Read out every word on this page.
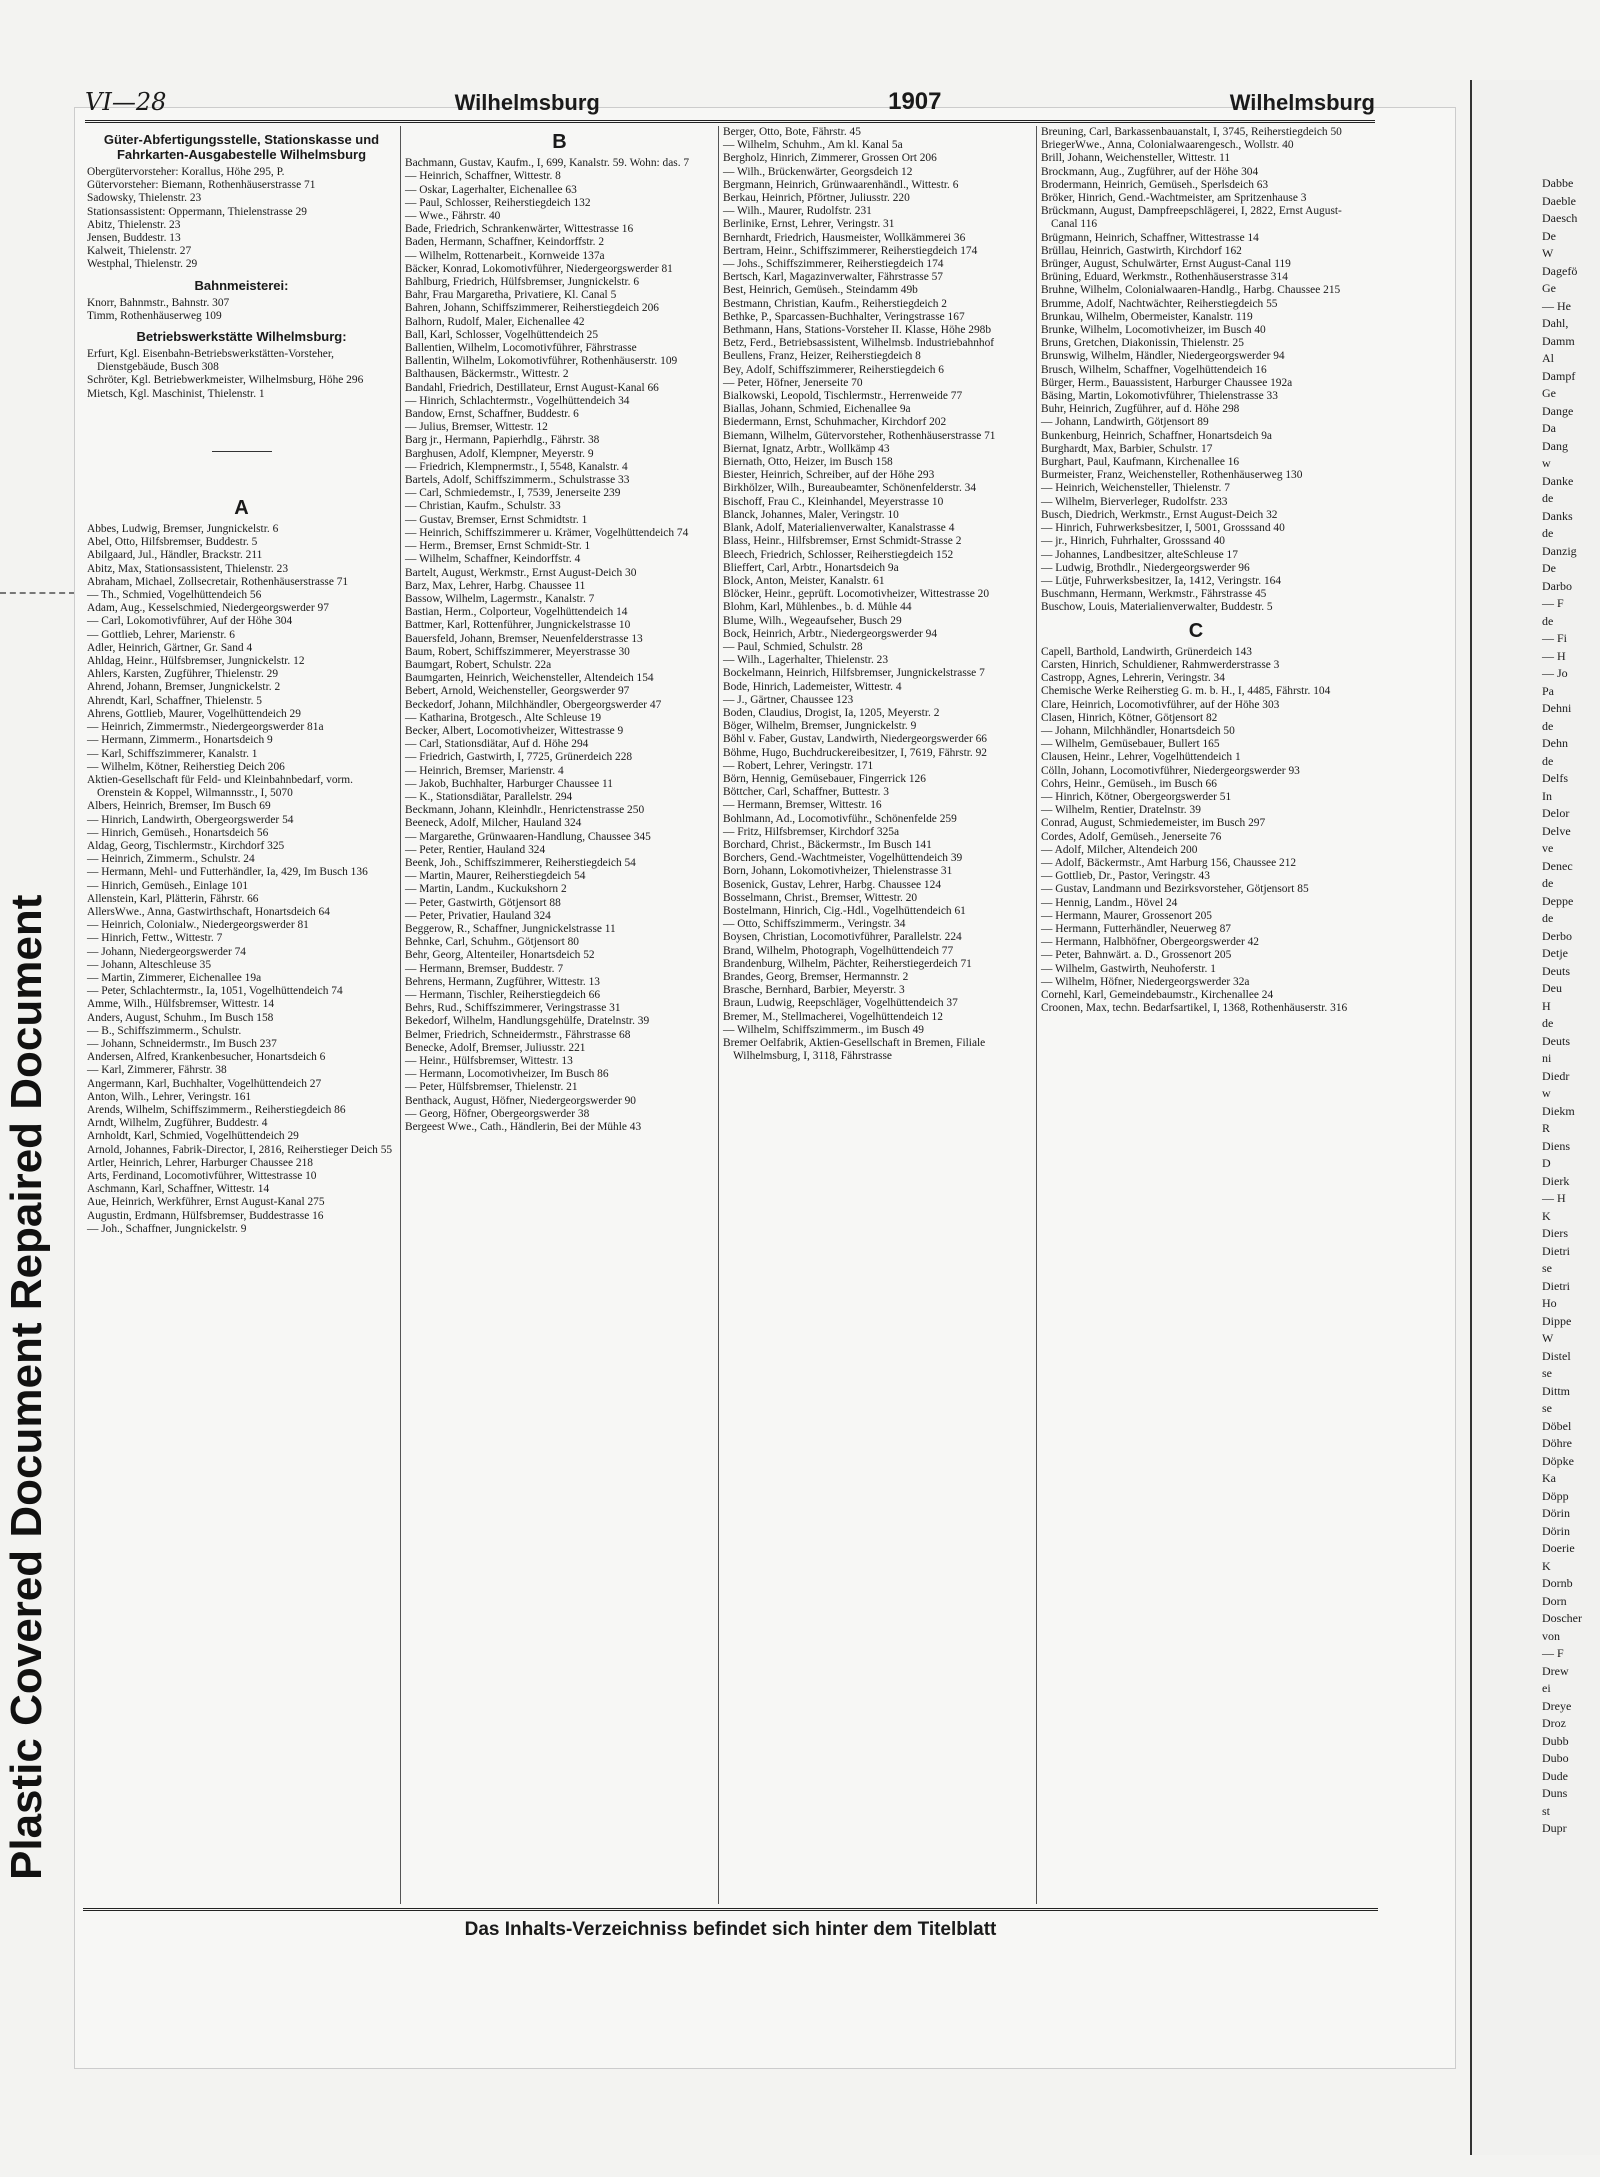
Plastic Covered Document Repaired Document
Dabbe
Daeble
Daesch
De
W
Dagefö
Ge
— He
Dahl,
Damm
Al
Dampf
Ge
Dange
Da
Dang
w
Danke
de
Danks
de
Danzig
De
Darbo
— F
de
— Fi
— H
— Jo
Pa
Dehni
de
Dehn
de
Delfs
In
Delor
Delve
ve
Denec
de
Deppe
de
Derbo
Detje
Deuts
Deu
H
de
Deuts
ni
Diedr
w
Diekm
R
Diens
D
Dierk
— H
K
Diers
Dietri
se
Dietri
Ho
Dippe
W
Distel
se
Dittm
se
Döbel
Döhre
Döpke
Ka
Döpp
Dörin
Dörin
Doerie
K
Dornb
Dorn
Doscher
von
— F
Drew
ei
Dreye
Droz
Dubb
Dubo
Dude
Duns
st
Dupr
VI—28	Wilhelmsburg	1907	Wilhelmsburg
Güter-Abfertigungsstelle, Stationskasse und Fahrkarten-Ausgabestelle Wilhelmsburg

Obergütervorsteher: Korallus, Höhe 295, P.

Gütervorsteher: Biemann, Rothenhäuserstrasse 71

Sadowsky, Thielenstr. 23

Stationsassistent: Oppermann, Thielenstrasse 29

Abitz, Thielenstr. 23

Jensen, Buddestr. 13

Kalweit, Thielenstr. 27

Westphal, Thielenstr. 29

Bahnmeisterei:

Knorr, Bahnmstr., Bahnstr. 307

Timm, Rothenhäuserweg 109

Betriebswerkstätte Wilhelmsburg:

Erfurt, Kgl. Eisenbahn-Betriebswerkstätten-Vorsteher, Dienstgebäude, Busch 308

Schröter, Kgl. Betriebwerkmeister, Wilhelmsburg, Höhe 296

Mietsch, Kgl. Maschinist, Thielenstr. 1

A

Abbes, Ludwig, Bremser, Jungnickelstr. 6

Abel, Otto, Hilfsbremser, Buddestr. 5

Abilgaard, Jul., Händler, Brackstr. 211

Abitz, Max, Stationsassistent, Thielenstr. 23

Abraham, Michael, Zollsecretair, Rothenhäuserstrasse 71

— Th., Schmied, Vogelhüttendeich 56

Adam, Aug., Kesselschmied, Niedergeorgswerder 97

— Carl, Lokomotivführer, Auf der Höhe 304

— Gottlieb, Lehrer, Marienstr. 6

Adler, Heinrich, Gärtner, Gr. Sand 4

Ahldag, Heinr., Hülfsbremser, Jungnickelstr. 12

Ahlers, Karsten, Zugführer, Thielenstr. 29

Ahrend, Johann, Bremser, Jungnickelstr. 2

Ahrendt, Karl, Schaffner, Thielenstr. 5

Ahrens, Gottlieb, Maurer, Vogelhüttendeich 29

— Heinrich, Zimmermstr., Niedergeorgswerder 81a

— Hermann, Zimmerm., Honartsdeich 9

— Karl, Schiffszimmerer, Kanalstr. 1

— Wilhelm, Kötner, Reiherstieg Deich 206

Aktien-Gesellschaft für Feld- und Kleinbahnbedarf, vorm. Orenstein & Koppel, Wilmannsstr., I, 5070

Albers, Heinrich, Bremser, Im Busch 69

— Hinrich, Landwirth, Obergeorgswerder 54

— Hinrich, Gemüseh., Honartsdeich 56

Aldag, Georg, Tischlermstr., Kirchdorf 325

— Heinrich, Zimmerm., Schulstr. 24

— Hermann, Mehl- und Futterhändler, Ia, 429, Im Busch 136

— Hinrich, Gemüseh., Einlage 101

Allenstein, Karl, Plätterin, Fährstr. 66

AllersWwe., Anna, Gastwirthschaft, Honartsdeich 64

— Heinrich, Colonialw., Niedergeorgswerder 81

— Hinrich, Fettw., Wittestr. 7

— Johann, Niedergeorgswerder 74

— Johann, Alteschleuse 35

— Martin, Zimmerer, Eichenallee 19a

— Peter, Schlachtermstr., Ia, 1051, Vogelhüttendeich 74

Amme, Wilh., Hülfsbremser, Wittestr. 14

Anders, August, Schuhm., Im Busch 158

— B., Schiffszimmerm., Schulstr.

— Johann, Schneidermstr., Im Busch 237

Andersen, Alfred, Krankenbesucher, Honartsdeich 6

— Karl, Zimmerer, Fährstr. 38

Angermann, Karl, Buchhalter, Vogelhüttendeich 27

Anton, Wilh., Lehrer, Veringstr. 161

Arends, Wilhelm, Schiffszimmerm., Reiherstiegdeich 86

Arndt, Wilhelm, Zugführer, Buddestr. 4

Arnholdt, Karl, Schmied, Vogelhüttendeich 29

Arnold, Johannes, Fabrik-Director, I, 2816, Reiherstieger Deich 55

Artler, Heinrich, Lehrer, Harburger Chaussee 218

Arts, Ferdinand, Locomotivführer, Wittestrasse 10

Aschmann, Karl, Schaffner, Wittestr. 14

Aue, Heinrich, Werkführer, Ernst August-Kanal 275

Augustin, Erdmann, Hülfsbremser, Buddestrasse 16

— Joh., Schaffner, Jungnickelstr. 9

B

Bachmann, Gustav, Kaufm., I, 699, Kanalstr. 59. Wohn: das. 7

— Heinrich, Schaffner, Wittestr. 8

— Oskar, Lagerhalter, Eichenallee 63

— Paul, Schlosser, Reiherstiegdeich 132

— Wwe., Fährstr. 40

Bade, Friedrich, Schrankenwärter, Wittestrasse 16

Baden, Hermann, Schaffner, Keindorffstr. 2

— Wilhelm, Rottenarbeit., Kornweide 137a

Bäcker, Konrad, Lokomotivführer, Niedergeorgswerder 81

Bahlburg, Friedrich, Hülfsbremser, Jungnickelstr. 6

Bahr, Frau Margaretha, Privatiere, Kl. Canal 5

Bahren, Johann, Schiffszimmerer, Reiherstiegdeich 206

Balhorn, Rudolf, Maler, Eichenallee 42

Ball, Karl, Schlosser, Vogelhüttendeich 25

Ballentien, Wilhelm, Locomotivführer, Fährstrasse

Ballentin, Wilhelm, Lokomotivführer, Rothenhäuserstr. 109

Balthausen, Bäckermstr., Wittestr. 2

Bandahl, Friedrich, Destillateur, Ernst August-Kanal 66

— Hinrich, Schlachtermstr., Vogelhüttendeich 34

Bandow, Ernst, Schaffner, Buddestr. 6

— Julius, Bremser, Wittestr. 12

Barg jr., Hermann, Papierhdlg., Fährstr. 38

Barghusen, Adolf, Klempner, Meyerstr. 9

— Friedrich, Klempnermstr., I, 5548, Kanalstr. 4

Bartels, Adolf, Schiffszimmerm., Schulstrasse 33

— Carl, Schmiedemstr., I, 7539, Jenerseite 239

— Christian, Kaufm., Schulstr. 33

— Gustav, Bremser, Ernst Schmidtstr. 1

— Heinrich, Schiffszimmerer u. Krämer, Vogelhüttendeich 74

— Herm., Bremser, Ernst Schmidt-Str. 1

— Wilhelm, Schaffner, Keindorffstr. 4

Bartelt, August, Werkmstr., Ernst August-Deich 30

Barz, Max, Lehrer, Harbg. Chaussee 11

Bassow, Wilhelm, Lagermstr., Kanalstr. 7

Bastian, Herm., Colporteur, Vogelhüttendeich 14

Battmer, Karl, Rottenführer, Jungnickelstrasse 10

Bauersfeld, Johann, Bremser, Neuenfelderstrasse 13

Baum, Robert, Schiffszimmerer, Meyerstrasse 30

Baumgart, Robert, Schulstr. 22a

Baumgarten, Heinrich, Weichensteller, Altendeich 154

Bebert, Arnold, Weichensteller, Georgswerder 97

Beckedorf, Johann, Milchhändler, Obergeorgswerder 47

— Katharina, Brotgesch., Alte Schleuse 19

Becker, Albert, Locomotivheizer, Wittestrasse 9

— Carl, Stationsdiätar, Auf d. Höhe 294

— Friedrich, Gastwirth, I, 7725, Grünerdeich 228

— Heinrich, Bremser, Marienstr. 4

— Jakob, Buchhalter, Harburger Chaussee 11

— K., Stationsdiätar, Parallelstr. 294

Beckmann, Johann, Kleinhdlr., Henrictenstrasse 250

Beeneck, Adolf, Milcher, Hauland 324

— Margarethe, Grünwaaren-Handlung, Chaussee 345

— Peter, Rentier, Hauland 324

Beenk, Joh., Schiffszimmerer, Reiherstiegdeich 54

— Martin, Maurer, Reiherstiegdeich 54

— Martin, Landm., Kuckukshorn 2

— Peter, Gastwirth, Götjensort 88

— Peter, Privatier, Hauland 324

Beggerow, R., Schaffner, Jungnickelstrasse 11

Behnke, Carl, Schuhm., Götjensort 80

Behr, Georg, Altenteiler, Honartsdeich 52

— Hermann, Bremser, Buddestr. 7

Behrens, Hermann, Zugführer, Wittestr. 13

— Hermann, Tischler, Reiherstiegdeich 66

Behrs, Rud., Schiffszimmerer, Veringstrasse 31

Bekedorf, Wilhelm, Handlungsgehülfe, Dratelnstr. 39

Belmer, Friedrich, Schneidermstr., Fährstrasse 68

Benecke, Adolf, Bremser, Juliusstr. 221

— Heinr., Hülfsbremser, Wittestr. 13

— Hermann, Locomotivheizer, Im Busch 86

— Peter, Hülfsbremser, Thielenstr. 21

Benthack, August, Höfner, Niedergeorgswerder 90

— Georg, Höfner, Obergeorgswerder 38

Bergeest Wwe., Cath., Händlerin, Bei der Mühle 43

Berger, Otto, Bote, Fährstr. 45

— Wilhelm, Schuhm., Am kl. Kanal 5a

Bergholz, Hinrich, Zimmerer, Grossen Ort 206

— Wilh., Brückenwärter, Georgsdeich 12

Bergmann, Heinrich, Grünwaarenhändl., Wittestr. 6

Berkau, Heinrich, Pförtner, Juliusstr. 220

— Wilh., Maurer, Rudolfstr. 231

Berlinike, Ernst, Lehrer, Veringstr. 31

Bernhardt, Friedrich, Hausmeister, Wollkämmerei 36

Bertram, Heinr., Schiffszimmerer, Reiherstiegdeich 174

— Johs., Schiffszimmerer, Reiherstiegdeich 174

Bertsch, Karl, Magazinverwalter, Fährstrasse 57

Best, Heinrich, Gemüseh., Steindamm 49b

Bestmann, Christian, Kaufm., Reiherstiegdeich 2

Bethke, P., Sparcassen-Buchhalter, Veringstrasse 167

Bethmann, Hans, Stations-Vorsteher II. Klasse, Höhe 298b

Betz, Ferd., Betriebsassistent, Wilhelmsb. Industriebahnhof

Beullens, Franz, Heizer, Reiherstiegdeich 8

Bey, Adolf, Schiffszimmerer, Reiherstiegdeich 6

— Peter, Höfner, Jenerseite 70

Bialkowski, Leopold, Tischlermstr., Herrenweide 77

Biallas, Johann, Schmied, Eichenallee 9a

Biedermann, Ernst, Schuhmacher, Kirchdorf 202

Biemann, Wilhelm, Gütervorsteher, Rothenhäuserstrasse 71

Biernat, Ignatz, Arbtr., Wollkämp 43

Biernath, Otto, Heizer, im Busch 158

Biester, Heinrich, Schreiber, auf der Höhe 293

Birkhölzer, Wilh., Bureaubeamter, Schönenfelderstr. 34

Bischoff, Frau C., Kleinhandel, Meyerstrasse 10

Blanck, Johannes, Maler, Veringstr. 10

Blank, Adolf, Materialienverwalter, Kanalstrasse 4

Blass, Heinr., Hilfsbremser, Ernst Schmidt-Strasse 2

Bleech, Friedrich, Schlosser, Reiherstiegdeich 152

Blieffert, Carl, Arbtr., Honartsdeich 9a

Block, Anton, Meister, Kanalstr. 61

Blöcker, Heinr., geprüft. Locomotivheizer, Wittestrasse 20

Blohm, Karl, Mühlenbes., b. d. Mühle 44

Blume, Wilh., Wegeaufseher, Busch 29

Bock, Heinrich, Arbtr., Niedergeorgswerder 94

— Paul, Schmied, Schulstr. 28

— Wilh., Lagerhalter, Thielenstr. 23

Bockelmann, Heinrich, Hilfsbremser, Jungnickelstrasse 7

Bode, Hinrich, Lademeister, Wittestr. 4

— J., Gärtner, Chaussee 123

Boden, Claudius, Drogist, Ia, 1205, Meyerstr. 2

Böger, Wilhelm, Bremser, Jungnickelstr. 9

Böhl v. Faber, Gustav, Landwirth, Niedergeorgswerder 66

Böhme, Hugo, Buchdruckereibesitzer, I, 7619, Fährstr. 92

— Robert, Lehrer, Veringstr. 171

Börn, Hennig, Gemüsebauer, Fingerrick 126

Böttcher, Carl, Schaffner, Buttestr. 3

— Hermann, Bremser, Wittestr. 16

Bohlmann, Ad., Locomotivführ., Schönenfelde 259

— Fritz, Hilfsbremser, Kirchdorf 325a

Borchard, Christ., Bäckermstr., Im Busch 141

Borchers, Gend.-Wachtmeister, Vogelhüttendeich 39

Born, Johann, Lokomotivheizer, Thielenstrasse 31

Bosenick, Gustav, Lehrer, Harbg. Chaussee 124

Bosselmann, Christ., Bremser, Wittestr. 20

Bostelmann, Hinrich, Cig.-Hdl., Vogelhüttendeich 61

— Otto, Schiffszimmerm., Veringstr. 34

Boysen, Christian, Locomotivführer, Parallelstr. 224

Brand, Wilhelm, Photograph, Vogelhüttendeich 77

Brandenburg, Wilhelm, Pächter, Reiherstiegerdeich 71

Brandes, Georg, Bremser, Hermannstr. 2

Brasche, Bernhard, Barbier, Meyerstr. 3

Braun, Ludwig, Reepschläger, Vogelhüttendeich 37

Bremer, M., Stellmacherei, Vogelhüttendeich 12

— Wilhelm, Schiffszimmerm., im Busch 49

Bremer Oelfabrik, Aktien-Gesellschaft in Bremen, Filiale Wilhelmsburg, I, 3118, Fährstrasse

Breuning, Carl, Barkassenbauanstalt, I, 3745, Reiherstiegdeich 50

BriegerWwe., Anna, Colonialwaarengesch., Wollstr. 40

Brill, Johann, Weichensteller, Wittestr. 11

Brockmann, Aug., Zugführer, auf der Höhe 304

Brodermann, Heinrich, Gemüseh., Sperlsdeich 63

Bröker, Hinrich, Gend.-Wachtmeister, am Spritzenhause 3

Brückmann, August, Dampfreepschlägerei, I, 2822, Ernst August-Canal 116

Brügmann, Heinrich, Schaffner, Wittestrasse 14

Brüllau, Heinrich, Gastwirth, Kirchdorf 162

Brünger, August, Schulwärter, Ernst August-Canal 119

Brüning, Eduard, Werkmstr., Rothenhäuserstrasse 314

Bruhne, Wilhelm, Colonialwaaren-Handlg., Harbg. Chaussee 215

Brumme, Adolf, Nachtwächter, Reiherstiegdeich 55

Brunkau, Wilhelm, Obermeister, Kanalstr. 119

Brunke, Wilhelm, Locomotivheizer, im Busch 40

Bruns, Gretchen, Diakonissin, Thielenstr. 25

Brunswig, Wilhelm, Händler, Niedergeorgswerder 94

Brusch, Wilhelm, Schaffner, Vogelhüttendeich 16

Bürger, Herm., Bauassistent, Harburger Chaussee 192a

Bäsing, Martin, Lokomotivführer, Thielenstrasse 33

Buhr, Heinrich, Zugführer, auf d. Höhe 298

— Johann, Landwirth, Götjensort 89

Bunkenburg, Heinrich, Schaffner, Honartsdeich 9a

Burghardt, Max, Barbier, Schulstr. 17

Burghart, Paul, Kaufmann, Kirchenallee 16

Burmeister, Franz, Weichensteller, Rothenhäuserweg 130

— Heinrich, Weichensteller, Thielenstr. 7

— Wilhelm, Bierverleger, Rudolfstr. 233

Busch, Diedrich, Werkmstr., Ernst August-Deich 32

— Hinrich, Fuhrwerksbesitzer, I, 5001, Grosssand 40

— jr., Hinrich, Fuhrhalter, Grosssand 40

— Johannes, Landbesitzer, alteSchleuse 17

— Ludwig, Brothdlr., Niedergeorgswerder 96

— Lütje, Fuhrwerksbesitzer, Ia, 1412, Veringstr. 164

Buschmann, Hermann, Werkmstr., Fährstrasse 45

Buschow, Louis, Materialienverwalter, Buddestr. 5

C

Capell, Barthold, Landwirth, Grünerdeich 143

Carsten, Hinrich, Schuldiener, Rahmwerderstrasse 3

Castropp, Agnes, Lehrerin, Veringstr. 34

Chemische Werke Reiherstieg G. m. b. H., I, 4485, Fährstr. 104

Clare, Heinrich, Locomotivführer, auf der Höhe 303

Clasen, Hinrich, Kötner, Götjensort 82

— Johann, Milchhändler, Honartsdeich 50

— Wilhelm, Gemüsebauer, Bullert 165

Clausen, Heinr., Lehrer, Vogelhüttendeich 1

Cölln, Johann, Locomotivführer, Niedergeorgswerder 93

Cohrs, Heinr., Gemüseh., im Busch 66

— Hinrich, Kötner, Obergeorgswerder 51

— Wilhelm, Rentier, Dratelnstr. 39

Conrad, August, Schmiedemeister, im Busch 297

Cordes, Adolf, Gemüseh., Jenerseite 76

— Adolf, Milcher, Altendeich 200

— Adolf, Bäckermstr., Amt Harburg 156, Chaussee 212

— Gottlieb, Dr., Pastor, Veringstr. 43

— Gustav, Landmann und Bezirksvorsteher, Götjensort 85

— Hennig, Landm., Hövel 24

— Hermann, Maurer, Grossenort 205

— Hermann, Futterhändler, Neuerweg 87

— Hermann, Halbhöfner, Obergeorgswerder 42

— Peter, Bahnwärt. a. D., Grossenort 205

— Wilhelm, Gastwirth, Neuhoferstr. 1

— Wilhelm, Höfner, Niedergeorgswerder 32a

Cornehl, Karl, Gemeindebaumstr., Kirchenallee 24

Croonen, Max, techn. Bedarfsartikel, I, 1368, Rothenhäuserstr. 316

Das Inhalts-Verzeichniss befindet sich hinter dem Titelblatt
